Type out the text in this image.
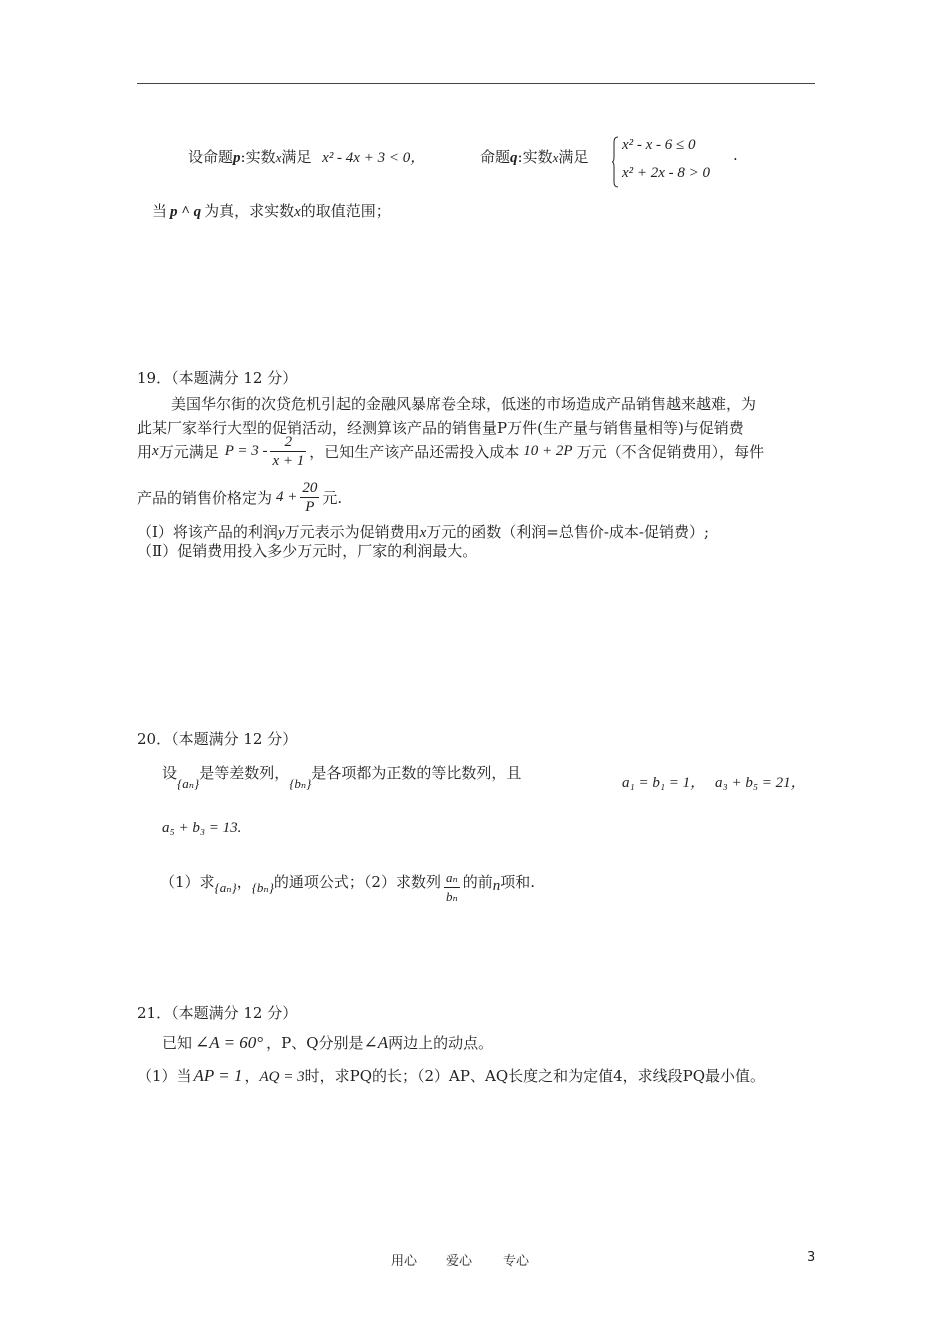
设命题p:实数x满足 x² - 4x + 3 < 0，	命题q:实数x满足
x² - x - 6 ≤ 0
x² + 2x - 8 > 0
.
当 p ^ q 为真，求实数x的取值范围；
19．（本题满分 12 分）
美国华尔街的次贷危机引起的金融风暴席卷全球，低迷的市场造成产品销售越来越难，为
此某厂家举行大型的促销活动，经测算该产品的销售量P万件(生产量与销售量相等)与促销费
用 x 万元满足 $P = 3 - \frac{2}{x + 1}$ ，已知生产该产品还需投入成本 10 + 2P 万元（不含促销费用），每件
产品的销售价格定为 $4 + \frac{20}{P}$ 元.
（Ⅰ）将该产品的利润y万元表示为促销费用x万元的函数（利润=总售价-成本-促销费）;
（Ⅱ）促销费用投入多少万元时，厂家的利润最大。
20．（本题满分 12 分）
设{aₙ}是等差数列，{bₙ}是各项都为正数的等比数列，且
a₁ = b₁ = 1， a₃ + b₅ = 21，
a₅ + b₃ = 13.
（1）求 {aₙ} ， {bₙ} 的通项公式；（2）求数列 $\frac{\text{aₙ}}{\text{bₙ}}$ 的前 n 项和.
21．（本题满分 12 分）
已知 ∠A = 60° ，P、Q分别是∠A两边上的动点。
（1）当 AP = 1 ，AQ = 3时，求PQ的长；（2）AP、AQ长度之和为定值4，求线段PQ最小值。
用心 爱心 专心	3
